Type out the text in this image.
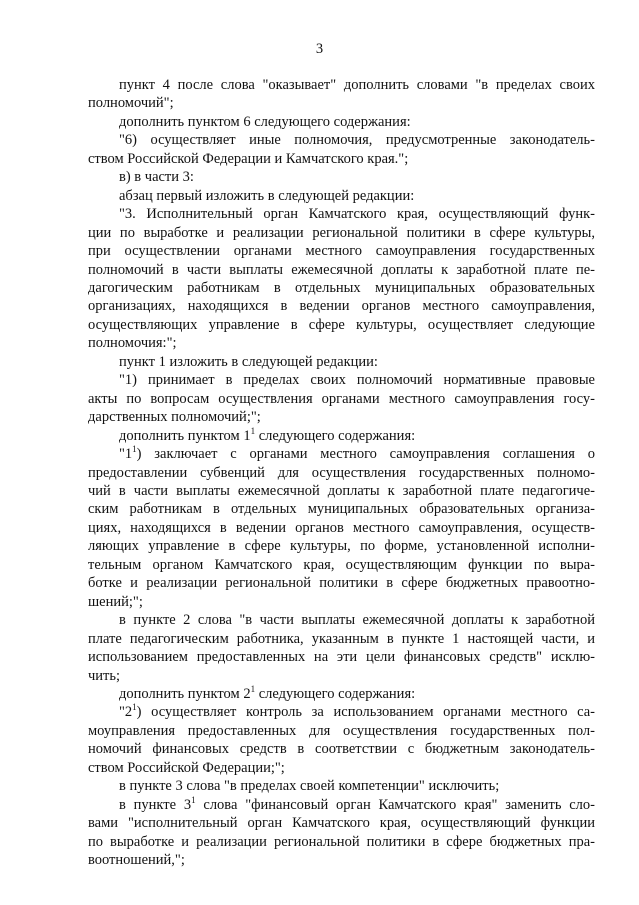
3
пункт 4 после слова "оказывает" дополнить словами "в пределах своих
полномочий";
дополнить пунктом 6 следующего содержания:
"6) осуществляет иные полномочия, предусмотренные законодатель-
ством Российской Федерации и Камчатского края.";
в) в части 3:
абзац первый изложить в следующей редакции:
"3. Исполнительный орган Камчатского края, осуществляющий функ-
ции по выработке и реализации региональной политики в сфере культуры,
при осуществлении органами местного самоуправления государственных
полномочий в части выплаты ежемесячной доплаты к заработной плате пе-
дагогическим работникам в отдельных муниципальных образовательных
организациях, находящихся в ведении органов местного самоуправления,
осуществляющих управление в сфере культуры, осуществляет следующие
полномочия:";
пункт 1 изложить в следующей редакции:
"1) принимает в пределах своих полномочий нормативные правовые
акты по вопросам осуществления органами местного самоуправления госу-
дарственных полномочий;";
дополнить пунктом $1^1$ следующего содержания:
"$1^1$) заключает с органами местного самоуправления соглашения о
предоставлении субвенций для осуществления государственных полномо-
чий в части выплаты ежемесячной доплаты к заработной плате педагогиче-
ским работникам в отдельных муниципальных образовательных организа-
циях, находящихся в ведении органов местного самоуправления, осуществ-
ляющих управление в сфере культуры, по форме, установленной исполни-
тельным органом Камчатского края, осуществляющим функции по выра-
ботке и реализации региональной политики в сфере бюджетных правоотно-
шений;";
в пункте 2 слова "в части выплаты ежемесячной доплаты к заработной
плате педагогическим работника, указанным в пункте 1 настоящей части, и
использованием предоставленных на эти цели финансовых средств" исклю-
чить;
дополнить пунктом $2^1$ следующего содержания:
"$2^1$) осуществляет контроль за использованием органами местного са-
моуправления предоставленных для осуществления государственных пол-
номочий финансовых средств в соответствии с бюджетным законодатель-
ством Российской Федерации;";
в пункте 3 слова "в пределах своей компетенции" исключить;
в пункте $3^1$ слова "финансовый орган Камчатского края" заменить сло-
вами "исполнительный орган Камчатского края, осуществляющий функции
по выработке и реализации региональной политики в сфере бюджетных пра-
воотношений,";
